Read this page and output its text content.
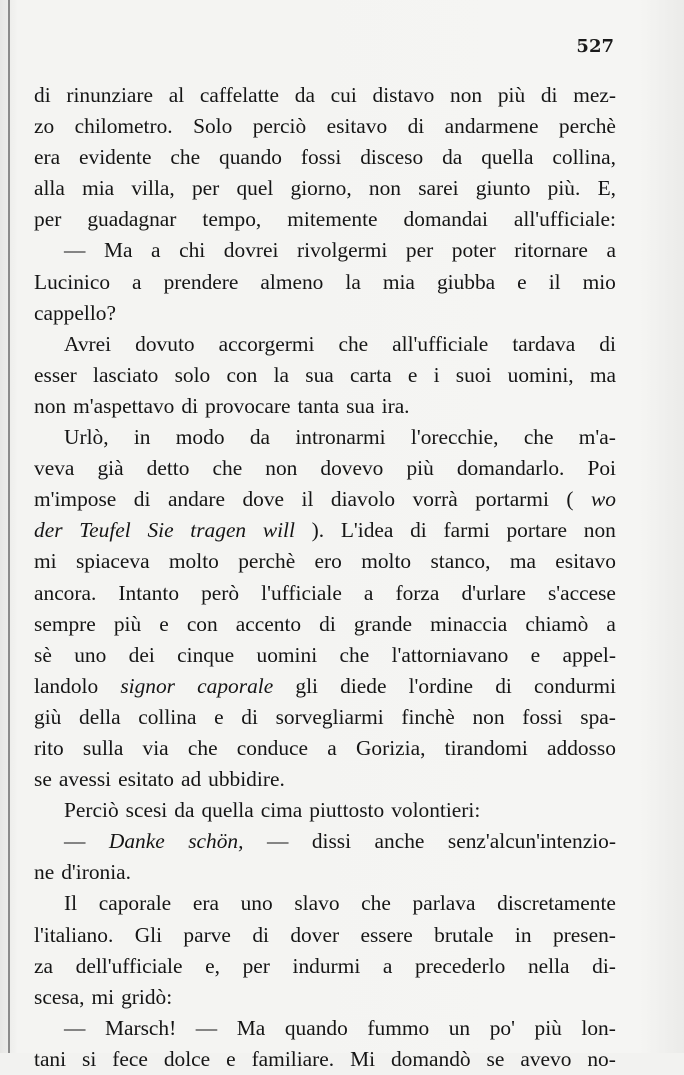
527
di rinunziare al caffelatte da cui distavo non più di mez-
zo chilometro. Solo perciò esitavo di andarmene perchè
era evidente che quando fossi disceso da quella collina,
alla mia villa, per quel giorno, non sarei giunto più. E,
per guadagnar tempo, mitemente domandai all'ufficiale:
— Ma a chi dovrei rivolgermi per poter ritornare a
Lucinico a prendere almeno la mia giubba e il mio
cappello?
Avrei dovuto accorgermi che all'ufficiale tardava di
esser lasciato solo con la sua carta e i suoi uomini, ma
non m'aspettavo di provocare tanta sua ira.
Urlò, in modo da intronarmi l'orecchie, che m'a-
veva già detto che non dovevo più domandarlo. Poi
m'impose di andare dove il diavolo vorrà portarmi ( wo
der Teufel Sie tragen will ). L'idea di farmi portare non
mi spiaceva molto perchè ero molto stanco, ma esitavo
ancora. Intanto però l'ufficiale a forza d'urlare s'accese
sempre più e con accento di grande minaccia chiamò a
sè uno dei cinque uomini che l'attorniavano e appel-
landolo signor caporale gli diede l'ordine di condurmi
giù della collina e di sorvegliarmi finchè non fossi spa-
rito sulla via che conduce a Gorizia, tirandomi addosso
se avessi esitato ad ubbidire.
Perciò scesi da quella cima piuttosto volontieri:
— Danke schön, — dissi anche senz'alcun'intenzio-
ne d'ironia.
Il caporale era uno slavo che parlava discretamente
l'italiano. Gli parve di dover essere brutale in presen-
za dell'ufficiale e, per indurmi a precederlo nella di-
scesa, mi gridò:
— Marsch! — Ma quando fummo un po' più lon-
tani si fece dolce e familiare. Mi domandò se avevo no-
